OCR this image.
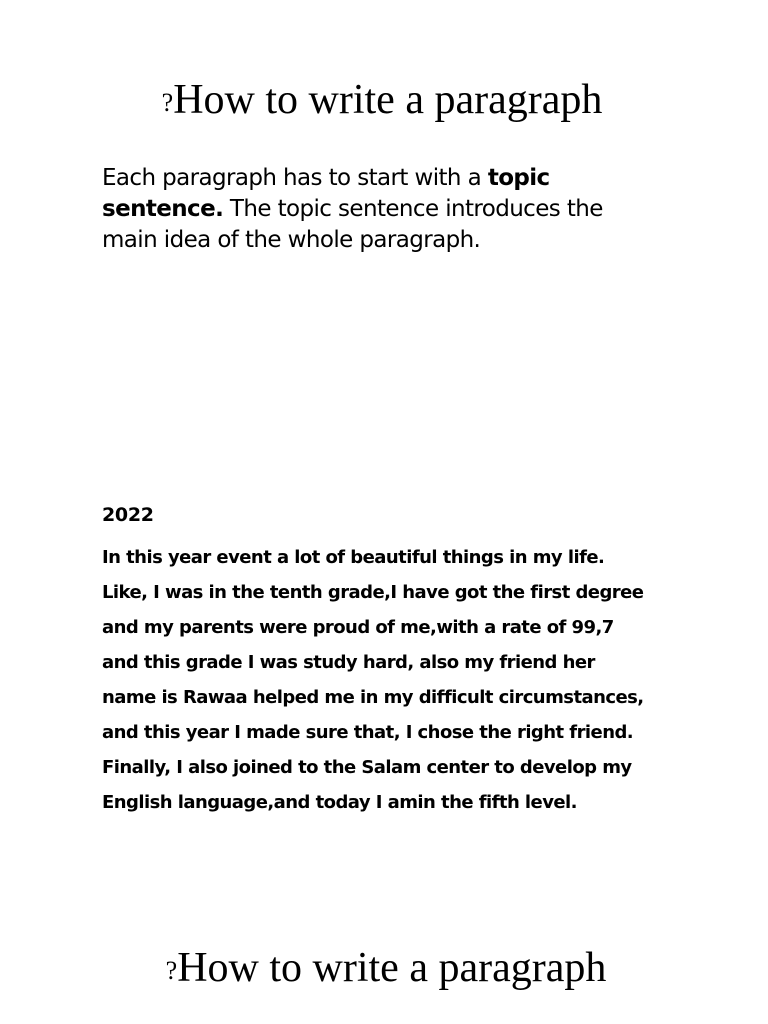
?How to write a paragraph

Each paragraph has to start with a topic sentence. The topic sentence introduces the main idea of the whole paragraph.

2022

In this year event a lot of beautiful things in my life.
Like, I was in the tenth grade,I have got the first degree
and my parents were proud of me,with a rate of 99,7
and this grade I was study hard, also my friend her
name is Rawaa helped me in my difficult circumstances,
and this year I made sure that, I chose the right friend.
Finally, I also joined to the Salam center to develop my
English language,and today I amin the fifth level.

?How to write a paragraph
